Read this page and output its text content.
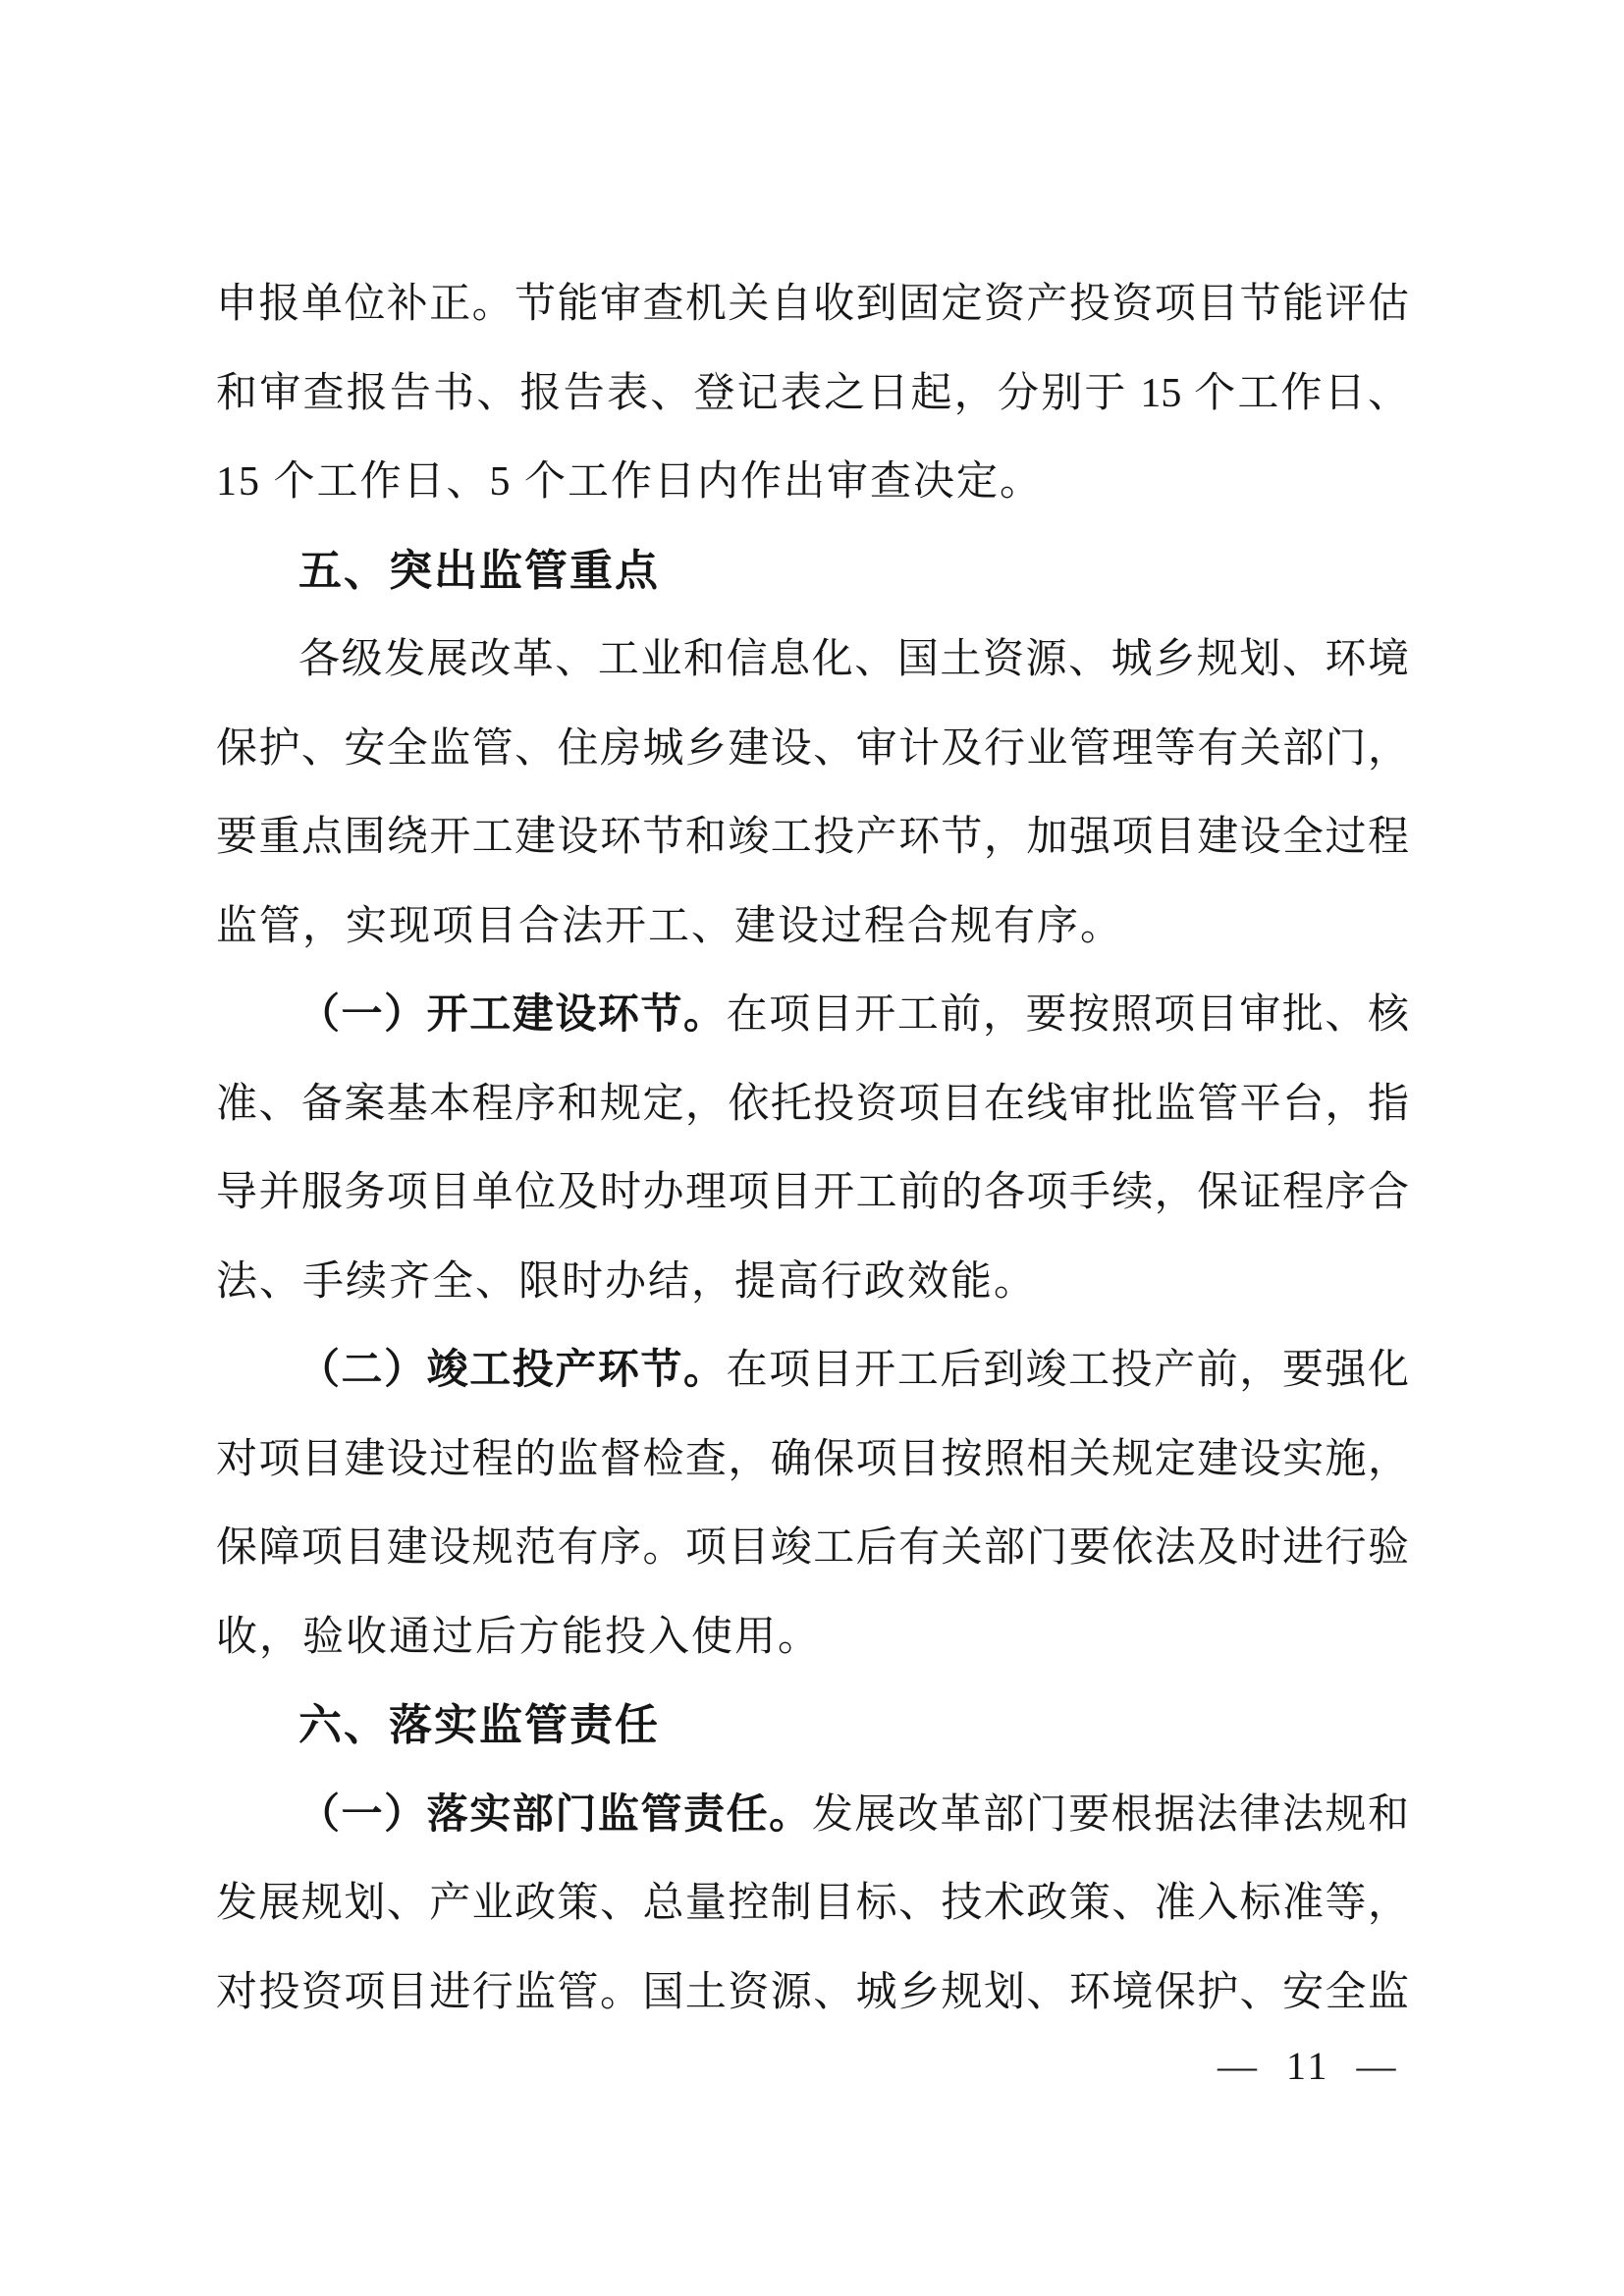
申报单位补正。节能审查机关自收到固定资产投资项目节能评估
和审查报告书、报告表、登记表之日起，分别于 15 个工作日、
15 个工作日、5 个工作日内作出审查决定。
五、突出监管重点
各级发展改革、工业和信息化、国土资源、城乡规划、环境
保护、安全监管、住房城乡建设、审计及行业管理等有关部门，
要重点围绕开工建设环节和竣工投产环节，加强项目建设全过程
监管，实现项目合法开工、建设过程合规有序。
（一）开工建设环节。在项目开工前，要按照项目审批、核
准、备案基本程序和规定，依托投资项目在线审批监管平台，指
导并服务项目单位及时办理项目开工前的各项手续，保证程序合
法、手续齐全、限时办结，提高行政效能。
（二）竣工投产环节。在项目开工后到竣工投产前，要强化
对项目建设过程的监督检查，确保项目按照相关规定建设实施，
保障项目建设规范有序。项目竣工后有关部门要依法及时进行验
收，验收通过后方能投入使用。
六、落实监管责任
（一）落实部门监管责任。发展改革部门要根据法律法规和
发展规划、产业政策、总量控制目标、技术政策、准入标准等，
对投资项目进行监管。国土资源、城乡规划、环境保护、安全监
— 11 —
